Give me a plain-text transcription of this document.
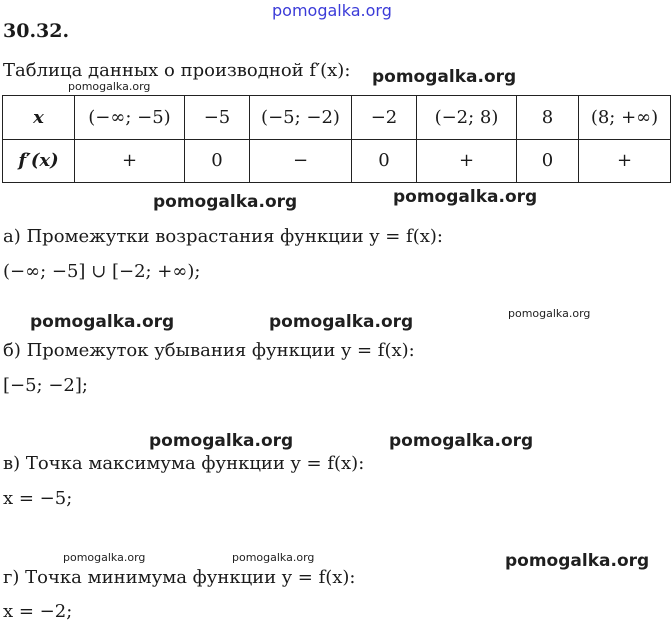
pomogalka.org
pomogalka.org
pomogalka.org
pomogalka.org	pomogalka.org
pomogalka.org	pomogalka.org	pomogalka.org
pomogalka.org	pomogalka.org
pomogalka.org	pomogalka.org	pomogalka.org
30.32.
Таблица данных о производной f′(x):
x	(−∞; −5)	−5	(−5; −2)	−2	(−2; 8)	8	(8; +∞)
f′(x)	+	0	−	0	+	0	+
а) Промежутки возрастания функции y = f(x):
(−∞; −5] ∪ [−2; +∞);
б) Промежуток убывания функции y = f(x):
[−5; −2];
в) Точка максимума функции y = f(x):
x = −5;
г) Точка минимума функции y = f(x):
x = −2;
